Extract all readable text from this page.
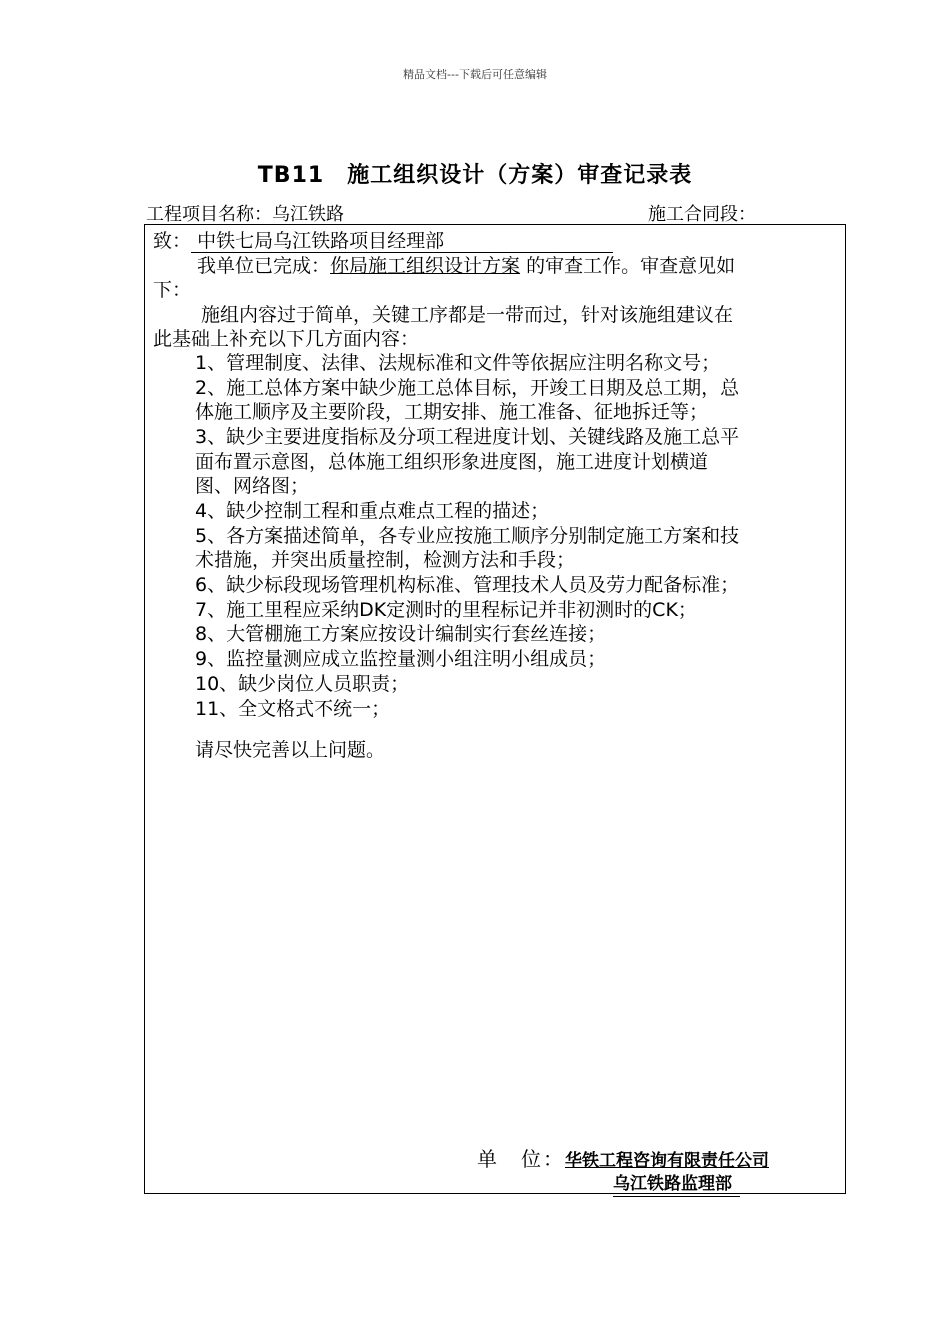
精品文档---下载后可任意编辑
TB11　施工组织设计（方案）审查记录表
工程项目名称：乌江铁路	施工合同段：
致： 中铁七局乌江铁路项目经理部
我单位已完成：你局施工组织设计方案 的审查工作。审查意见如
下：
施组内容过于简单，关键工序都是一带而过，针对该施组建议在
此基础上补充以下几方面内容：
1、管理制度、法律、法规标准和文件等依据应注明名称文号；
2、施工总体方案中缺少施工总体目标，开竣工日期及总工期，总
体施工顺序及主要阶段，工期安排、施工准备、征地拆迁等；
3、缺少主要进度指标及分项工程进度计划、关键线路及施工总平
面布置示意图，总体施工组织形象进度图，施工进度计划横道
图、网络图；
4、缺少控制工程和重点难点工程的描述；
5、各方案描述简单，各专业应按施工顺序分别制定施工方案和技
术措施，并突出质量控制，检测方法和手段；
6、缺少标段现场管理机构标准、管理技术人员及劳力配备标准；
7、施工里程应采纳DK定测时的里程标记并非初测时的CK；
8、大管棚施工方案应按设计编制实行套丝连接；
9、监控量测应成立监控量测小组注明小组成员；
10、缺少岗位人员职责；
11、全文格式不统一；
请尽快完善以上问题。
单　位：华铁工程咨询有限责任公司
乌江铁路监理部
